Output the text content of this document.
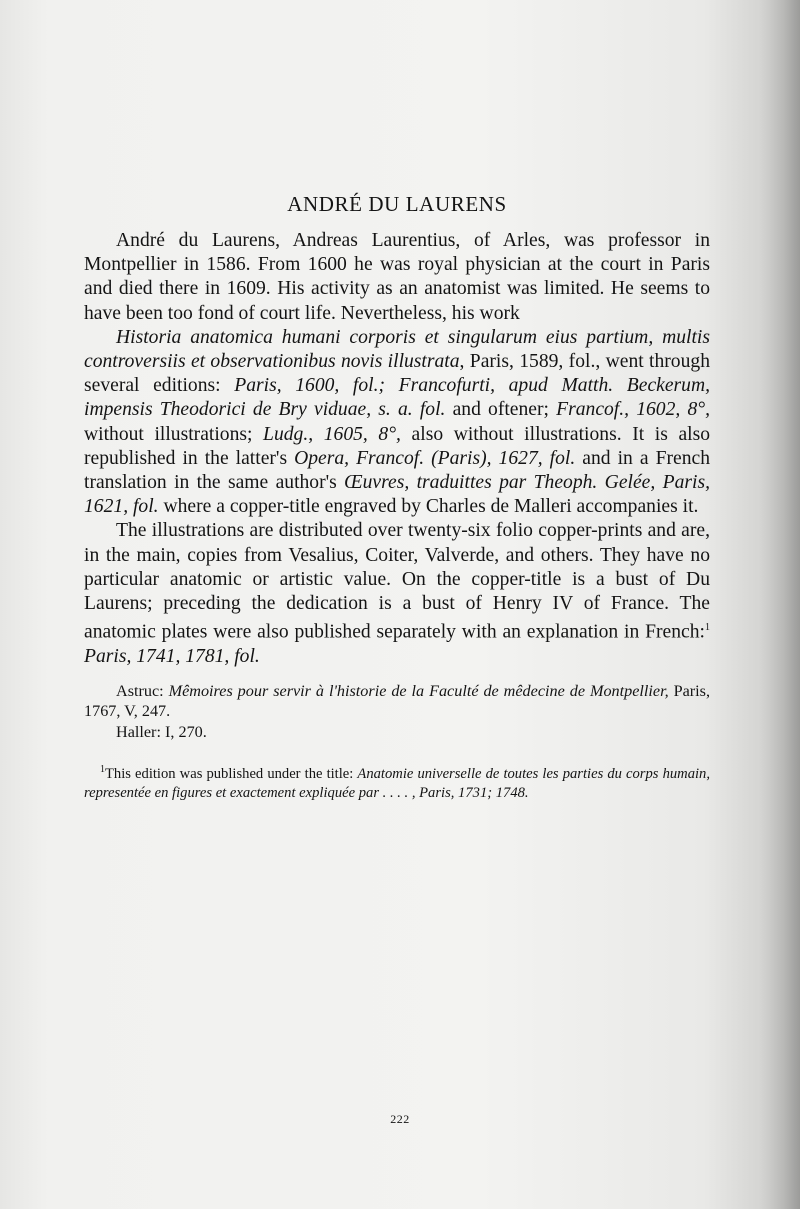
ANDRÉ DU LAURENS

André du Laurens, Andreas Laurentius, of Arles, was professor in Montpellier in 1586. From 1600 he was royal physician at the court in Paris and died there in 1609. His activity as an anatomist was limited. He seems to have been too fond of court life. Nevertheless, his work

Historia anatomica humani corporis et singularum eius partium, multis controversiis et observationibus novis illustrata, Paris, 1589, fol., went through several editions: Paris, 1600, fol.; Francofurti, apud Matth. Beckerum, impensis Theodorici de Bry viduae, s. a. fol. and oftener; Francof., 1602, 8°, without illustrations; Ludg., 1605, 8°, also without illustrations. It is also republished in the latter's Opera, Francof. (Paris), 1627, fol. and in a French translation in the same author's Œuvres, traduittes par Theoph. Gelée, Paris, 1621, fol. where a copper-title engraved by Charles de Malleri accompanies it.

The illustrations are distributed over twenty-six folio copper-prints and are, in the main, copies from Vesalius, Coiter, Valverde, and others. They have no particular anatomic or artistic value. On the copper-title is a bust of Du Laurens; preceding the dedication is a bust of Henry IV of France. The anatomic plates were also published separately with an explanation in French:$^1$ Paris, 1741, 1781, fol.

Astruc: Mêmoires pour servir à l'historie de la Faculté de mêdecine de Montpellier, Paris, 1767, V, 247.

Haller: I, 270.

$^1$This edition was published under the title: Anatomie universelle de toutes les parties du corps humain, representée en figures et exactement expliquée par . . . . , Paris, 1731; 1748.

222
